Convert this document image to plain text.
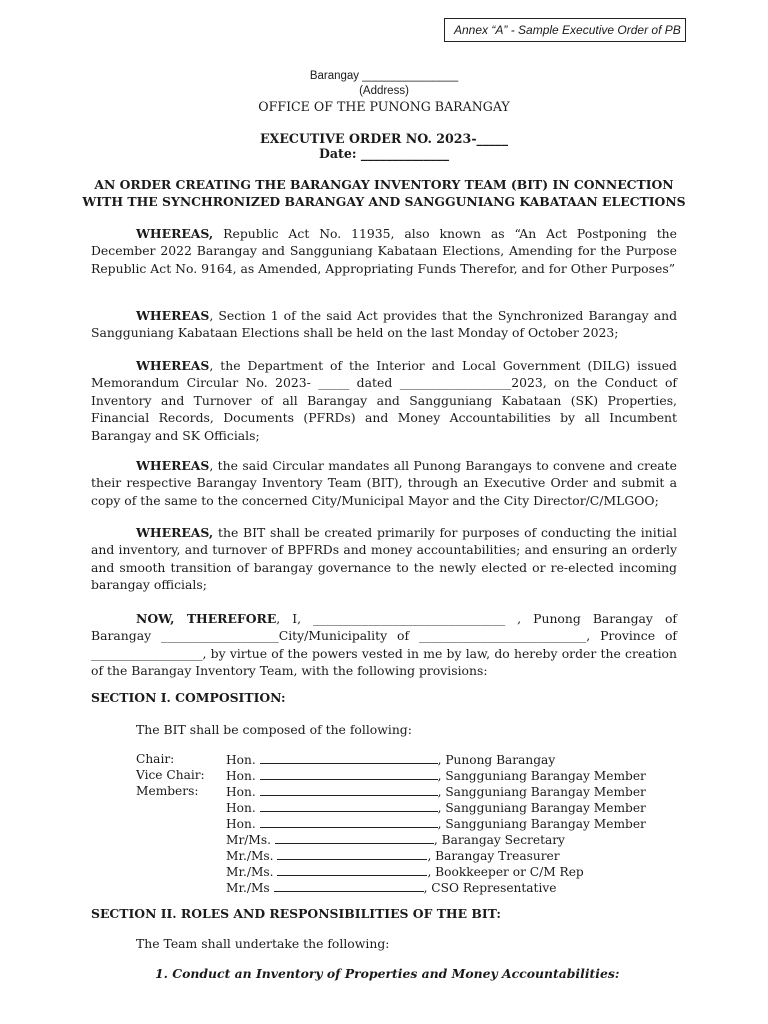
Annex “A” - Sample Executive Order of PB
Barangay _______________
(Address)
OFFICE OF THE PUNONG BARANGAY
EXECUTIVE ORDER NO. 2023-_____
Date: ______________
AN ORDER CREATING THE BARANGAY INVENTORY TEAM (BIT) IN CONNECTION
WITH THE SYNCHRONIZED BARANGAY AND SANGGUNIANG KABATAAN ELECTIONS
WHEREAS, Republic Act No. 11935, also known as “An Act Postponing the December 2022 Barangay and Sangguniang Kabataan Elections, Amending for the Purpose Republic Act No. 9164, as Amended, Appropriating Funds Therefor, and for Other Purposes”
WHEREAS, Section 1 of the said Act provides that the Synchronized Barangay and Sangguniang Kabataan Elections shall be held on the last Monday of October 2023;
WHEREAS, the Department of the Interior and Local Government (DILG) issued Memorandum Circular No. 2023- _____ dated __________________2023, on the Conduct of Inventory and Turnover of all Barangay and Sangguniang Kabataan (SK) Properties, Financial Records, Documents (PFRDs) and Money Accountabilities by all Incumbent Barangay and SK Officials;
WHEREAS, the said Circular mandates all Punong Barangays to convene and create their respective Barangay Inventory Team (BIT), through an Executive Order and submit a copy of the same to the concerned City/Municipal Mayor and the City Director/C/MLGOO;
WHEREAS, the BIT shall be created primarily for purposes of conducting the initial and inventory, and turnover of BPFRDs and money accountabilities; and ensuring an orderly and smooth transition of barangay governance to the newly elected or re-elected incoming barangay officials;
NOW, THEREFORE, I, _______________________________ , Punong Barangay of Barangay ___________________City/Municipality of ___________________________, Province of __________________, by virtue of the powers vested in me by law, do hereby order the creation of the Barangay Inventory Team, with the following provisions:
SECTION I. COMPOSITION:
The BIT shall be composed of the following:
Chair:	Hon. , Punong Barangay
Vice Chair:	Hon. , Sangguniang Barangay Member
Members:	Hon. , Sangguniang Barangay Member
	Hon. , Sangguniang Barangay Member
	Hon. , Sangguniang Barangay Member
	Mr/Ms. , Barangay Secretary
	Mr./Ms. , Barangay Treasurer
	Mr./Ms. , Bookkeeper or C/M Rep
	Mr./Ms , CSO Representative
SECTION II. ROLES AND RESPONSIBILITIES OF THE BIT:
The Team shall undertake the following:
1. Conduct an Inventory of Properties and Money Accountabilities:
